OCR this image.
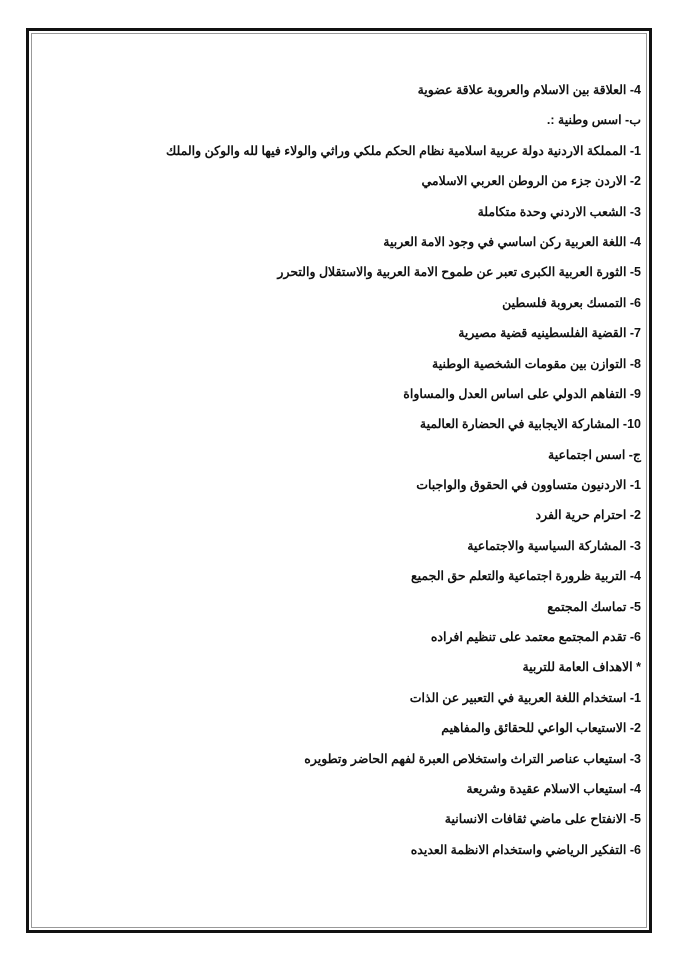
4- العلاقة بين الاسلام والعروبة علاقة عضوية
ب- اسس وطنية :.
1- المملكة الاردنية دولة عربية اسلامية نظام الحكم ملكي وراثي والولاء فيها لله والوكن والملك
2- الاردن جزء من الروطن العربي الاسلامي
3- الشعب الاردني وحدة متكاملة
4- اللغة العربية ركن اساسي في وجود الامة العربية
5- الثورة العربية الكبرى تعبر عن طموح الامة العربية والاستقلال والتحرر
6- التمسك بعروبة فلسطين
7- القضية الفلسطينيه قضية مصيرية
8- التوازن بين مقومات الشخصية الوطنية
9- التفاهم الدولي على اساس العدل والمساواة
10- المشاركة الايجابية في الحضارة العالمية
ج- اسس اجتماعية
1- الاردنيون متساوون في الحقوق والواجبات
2- احترام حرية الفرد
3- المشاركة السياسية والاجتماعية
4- التربية ظرورة اجتماعية والتعلم حق الجميع
5- تماسك المجتمع
6- تقدم المجتمع معتمد على تنظيم افراده
* الاهداف العامة للتربية
1- استخدام اللغة العربية في التعبير عن الذات
2- الاستيعاب الواعي للحقائق والمفاهيم
3- استيعاب عناصر التراث واستخلاص العبرة لفهم الحاضر وتطويره
4- استيعاب الاسلام عقيدة وشريعة
5- الانفتاح على ماضي ثقافات الانسانية
6- التفكير الرياضي واستخدام الانظمة العديده
